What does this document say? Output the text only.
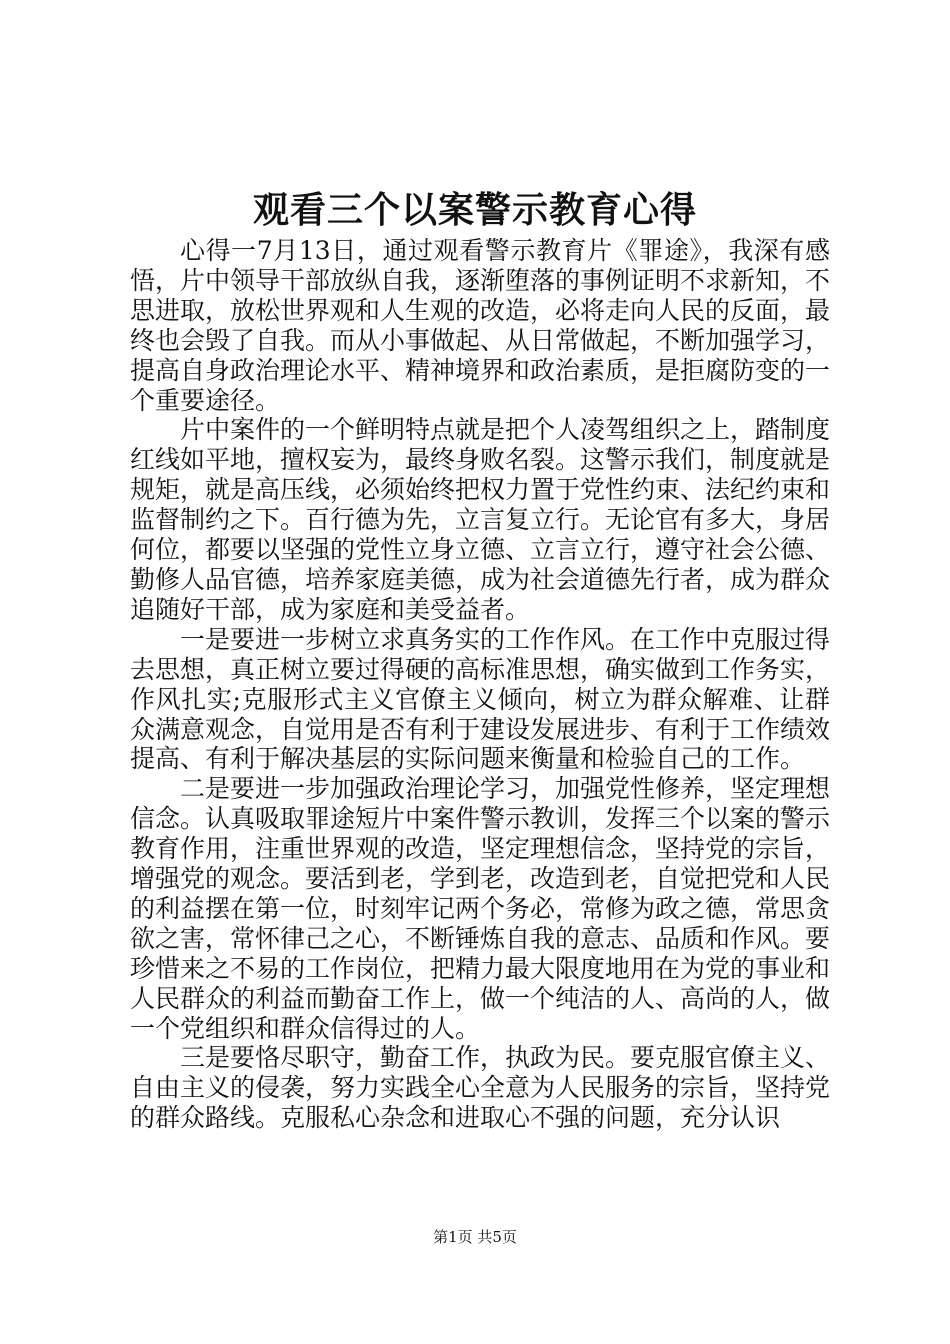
观看三个以案警示教育心得

心得一7月13日，通过观看警示教育片《罪途》，我深有感悟，片中领导干部放纵自我，逐渐堕落的事例证明不求新知，不思进取，放松世界观和人生观的改造，必将走向人民的反面，最终也会毁了自我。而从小事做起、从日常做起，不断加强学习，提高自身政治理论水平、精神境界和政治素质，是拒腐防变的一个重要途径。

片中案件的一个鲜明特点就是把个人凌驾组织之上，踏制度红线如平地，擅权妄为，最终身败名裂。这警示我们，制度就是规矩，就是高压线，必须始终把权力置于党性约束、法纪约束和监督制约之下。百行德为先，立言复立行。无论官有多大，身居何位，都要以坚强的党性立身立德、立言立行，遵守社会公德、勤修人品官德，培养家庭美德，成为社会道德先行者，成为群众追随好干部，成为家庭和美受益者。

一是要进一步树立求真务实的工作作风。在工作中克服过得去思想，真正树立要过得硬的高标准思想，确实做到工作务实，作风扎实;克服形式主义官僚主义倾向，树立为群众解难、让群众满意观念，自觉用是否有利于建设发展进步、有利于工作绩效提高、有利于解决基层的实际问题来衡量和检验自己的工作。

二是要进一步加强政治理论学习，加强党性修养，坚定理想信念。认真吸取罪途短片中案件警示教训，发挥三个以案的警示教育作用，注重世界观的改造，坚定理想信念，坚持党的宗旨，增强党的观念。要活到老，学到老，改造到老，自觉把党和人民的利益摆在第一位，时刻牢记两个务必，常修为政之德，常思贪欲之害，常怀律己之心，不断锤炼自我的意志、品质和作风。要珍惜来之不易的工作岗位，把精力最大限度地用在为党的事业和人民群众的利益而勤奋工作上，做一个纯洁的人、高尚的人，做一个党组织和群众信得过的人。

三是要恪尽职守，勤奋工作，执政为民。要克服官僚主义、自由主义的侵袭，努力实践全心全意为人民服务的宗旨，坚持党的群众路线。克服私心杂念和进取心不强的问题，充分认识

第1页 共5页
